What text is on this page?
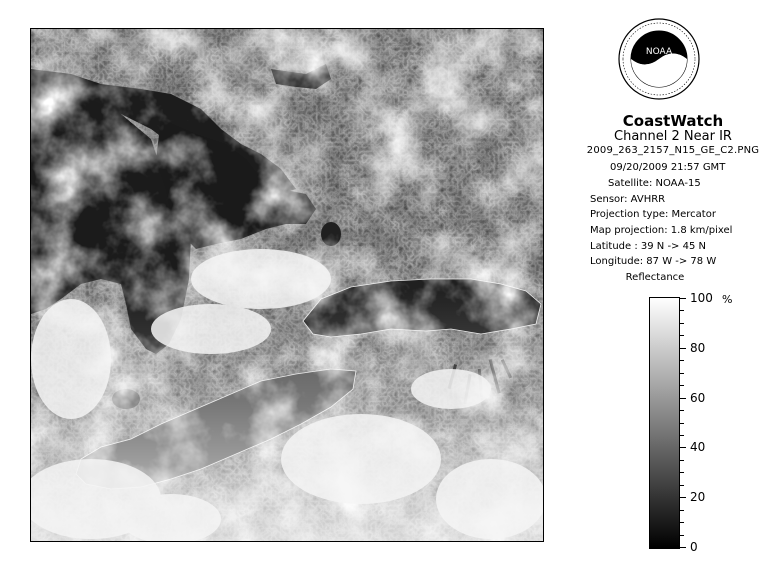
NOAA
CoastWatch
Channel 2 Near IR
2009_263_2157_N15_GE_C2.PNG
09/20/2009 21:57 GMT
Satellite: NOAA-15
Sensor: AVHRR
Projection type: Mercator
Map projection: 1.8 km/pixel
Latitude : 39 N -> 45 N
Longitude: 87 W -> 78 W
Reflectance
%
100
80
60
40
20
0
